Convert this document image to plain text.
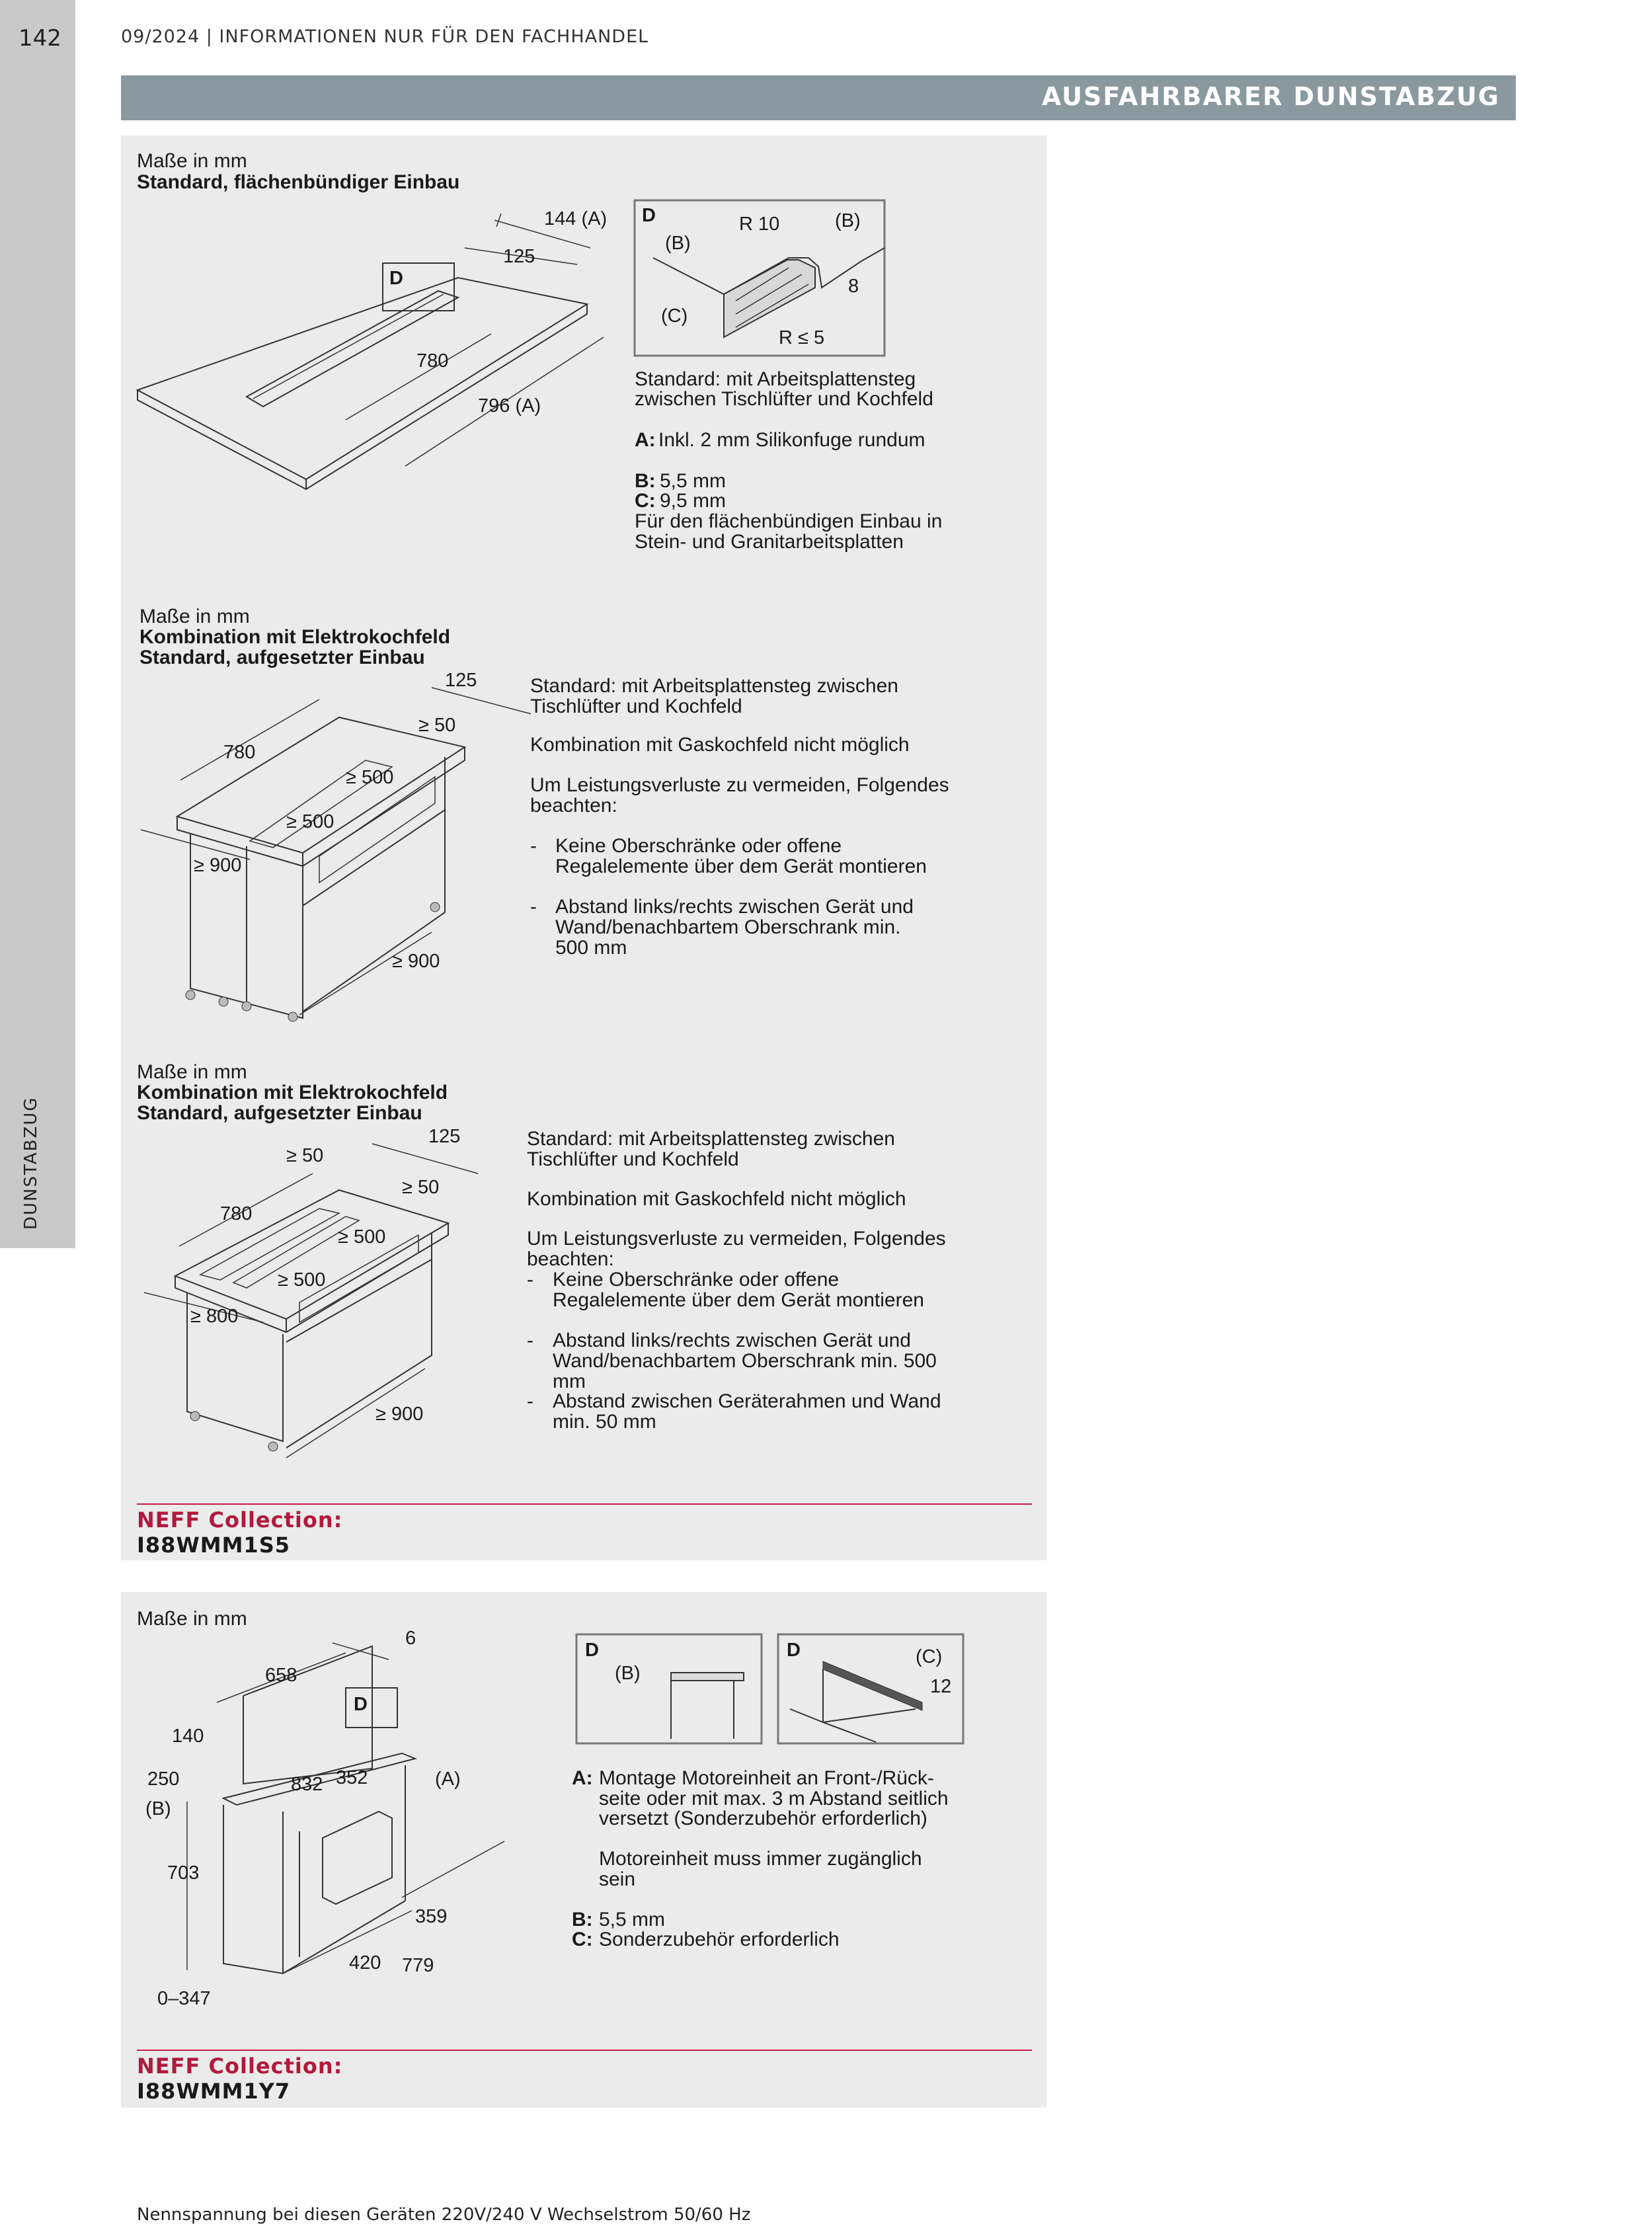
142
DUNSTABZUG
09/2024 | INFORMATIONEN NUR FÜR DEN FACHHANDEL
AUSFAHRBARER DUNSTABZUG
Maße in mm
Standard, flächenbündiger Einbau
D
144 (A)
125
780
796 (A)
D	R 10	(B)
(B)
8
(C)
R ≤ 5
Standard: mit Arbeitsplattensteg
zwischen Tischlüfter und Kochfeld
A: Inkl. 2 mm Silikonfuge rundum
B: 5,5 mm
C: 9,5 mm
Für den flächenbündigen Einbau in
Stein- und Granitarbeitsplatten
Maße in mm
Kombination mit Elektrokochfeld
Standard, aufgesetzter Einbau
125
≥ 50
780
≥ 500
≥ 500
≥ 900
≥ 900
Standard: mit Arbeitsplattensteg zwischen
Tischlüfter und Kochfeld
Kombination mit Gaskochfeld nicht möglich
Um Leistungsverluste zu vermeiden, Folgendes
beachten:
- Keine Oberschränke oder offene
Regalelemente über dem Gerät montieren
- Abstand links/rechts zwischen Gerät und
Wand/benachbartem Oberschrank min.
500 mm
Maße in mm
Kombination mit Elektrokochfeld
Standard, aufgesetzter Einbau
125
≥ 50
≥ 50
780
≥ 500
≥ 500
≥ 800
≥ 900
Standard: mit Arbeitsplattensteg zwischen
Tischlüfter und Kochfeld
Kombination mit Gaskochfeld nicht möglich
Um Leistungsverluste zu vermeiden, Folgendes
beachten:
- Keine Oberschränke oder offene
Regalelemente über dem Gerät montieren
- Abstand links/rechts zwischen Gerät und
Wand/benachbartem Oberschrank min. 500
mm
- Abstand zwischen Geräterahmen und Wand
min. 50 mm
NEFF Collection:
I88WMM1S5
Maße in mm
D
6
658
140
250
(B)
832 352	(A)
703
359
420 779
0–347
D
(B)
D	(C)
12
A: Montage Motoreinheit an Front-/Rück-
seite oder mit max. 3 m Abstand seitlich
versetzt (Sonderzubehör erforderlich)
Motoreinheit muss immer zugänglich
sein
B: 5,5 mm
C: Sonderzubehör erforderlich
NEFF Collection:
I88WMM1Y7
Nennspannung bei diesen Geräten 220V/240 V Wechselstrom 50/60 Hz
